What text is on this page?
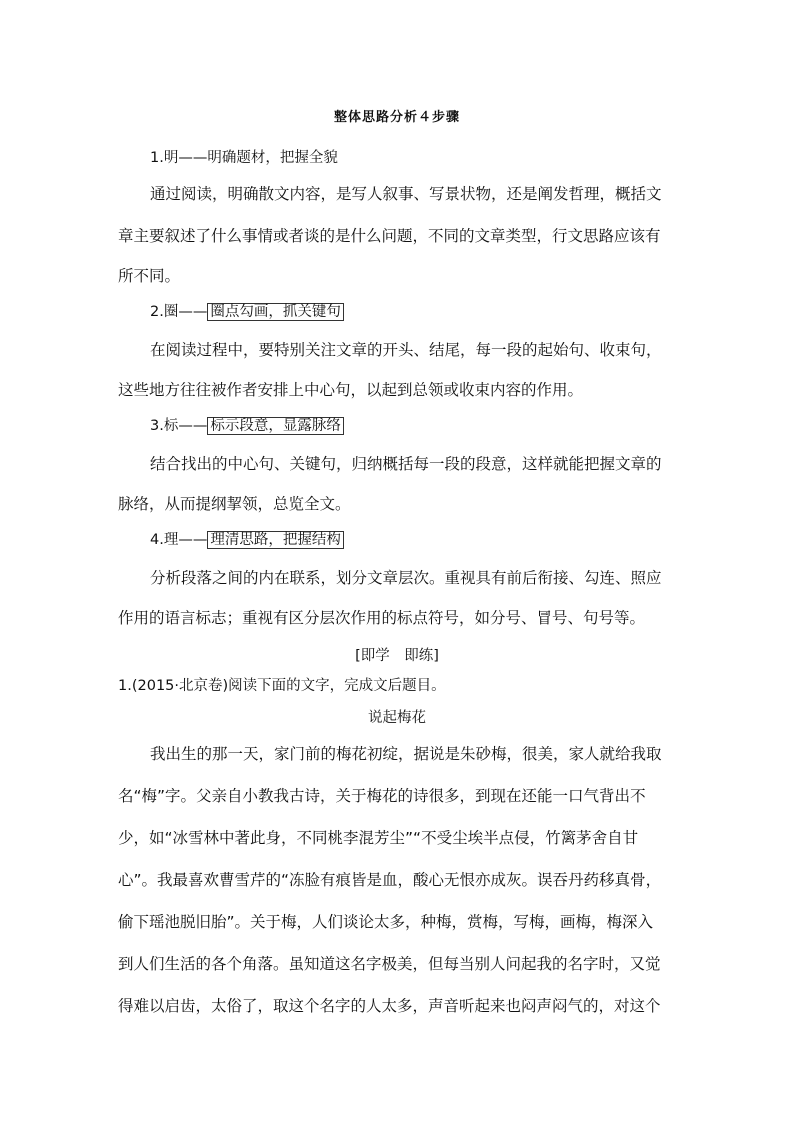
整体思路分析４步骤
1.明——明确题材，把握全貌
通过阅读，明确散文内容，是写人叙事、写景状物，还是阐发哲理，概括文
章主要叙述了什么事情或者谈的是什么问题，不同的文章类型，行文思路应该有
所不同。
2.圈—— 圈点勾画，抓关键句
在阅读过程中，要特别关注文章的开头、结尾，每一段的起始句、收束句，
这些地方往往被作者安排上中心句，以起到总领或收束内容的作用。
3.标—— 标示段意，显露脉络
结合找出的中心句、关键句，归纳概括每一段的段意，这样就能把握文章的
脉络，从而提纲挈领，总览全文。
4.理—— 理清思路，把握结构
分析段落之间的内在联系，划分文章层次。重视具有前后衔接、勾连、照应
作用的语言标志；重视有区分层次作用的标点符号，如分号、冒号、句号等。
[即学　即练]
1.(2015·北京卷)阅读下面的文字，完成文后题目。
说起梅花
我出生的那一天，家门前的梅花初绽，据说是朱砂梅，很美，家人就给我取
名“梅”字。父亲自小教我古诗，关于梅花的诗很多，到现在还能一口气背出不
少，如“冰雪林中著此身，不同桃李混芳尘”“不受尘埃半点侵，竹篱茅舍自甘
心”。我最喜欢曹雪芹的“冻脸有痕皆是血，酸心无恨亦成灰。误吞丹药移真骨，
偷下瑶池脱旧胎”。关于梅，人们谈论太多，种梅，赏梅，写梅，画梅，梅深入
到人们生活的各个角落。虽知道这名字极美，但每当别人问起我的名字时，又觉
得难以启齿，太俗了，取这个名字的人太多，声音听起来也闷声闷气的，对这个
